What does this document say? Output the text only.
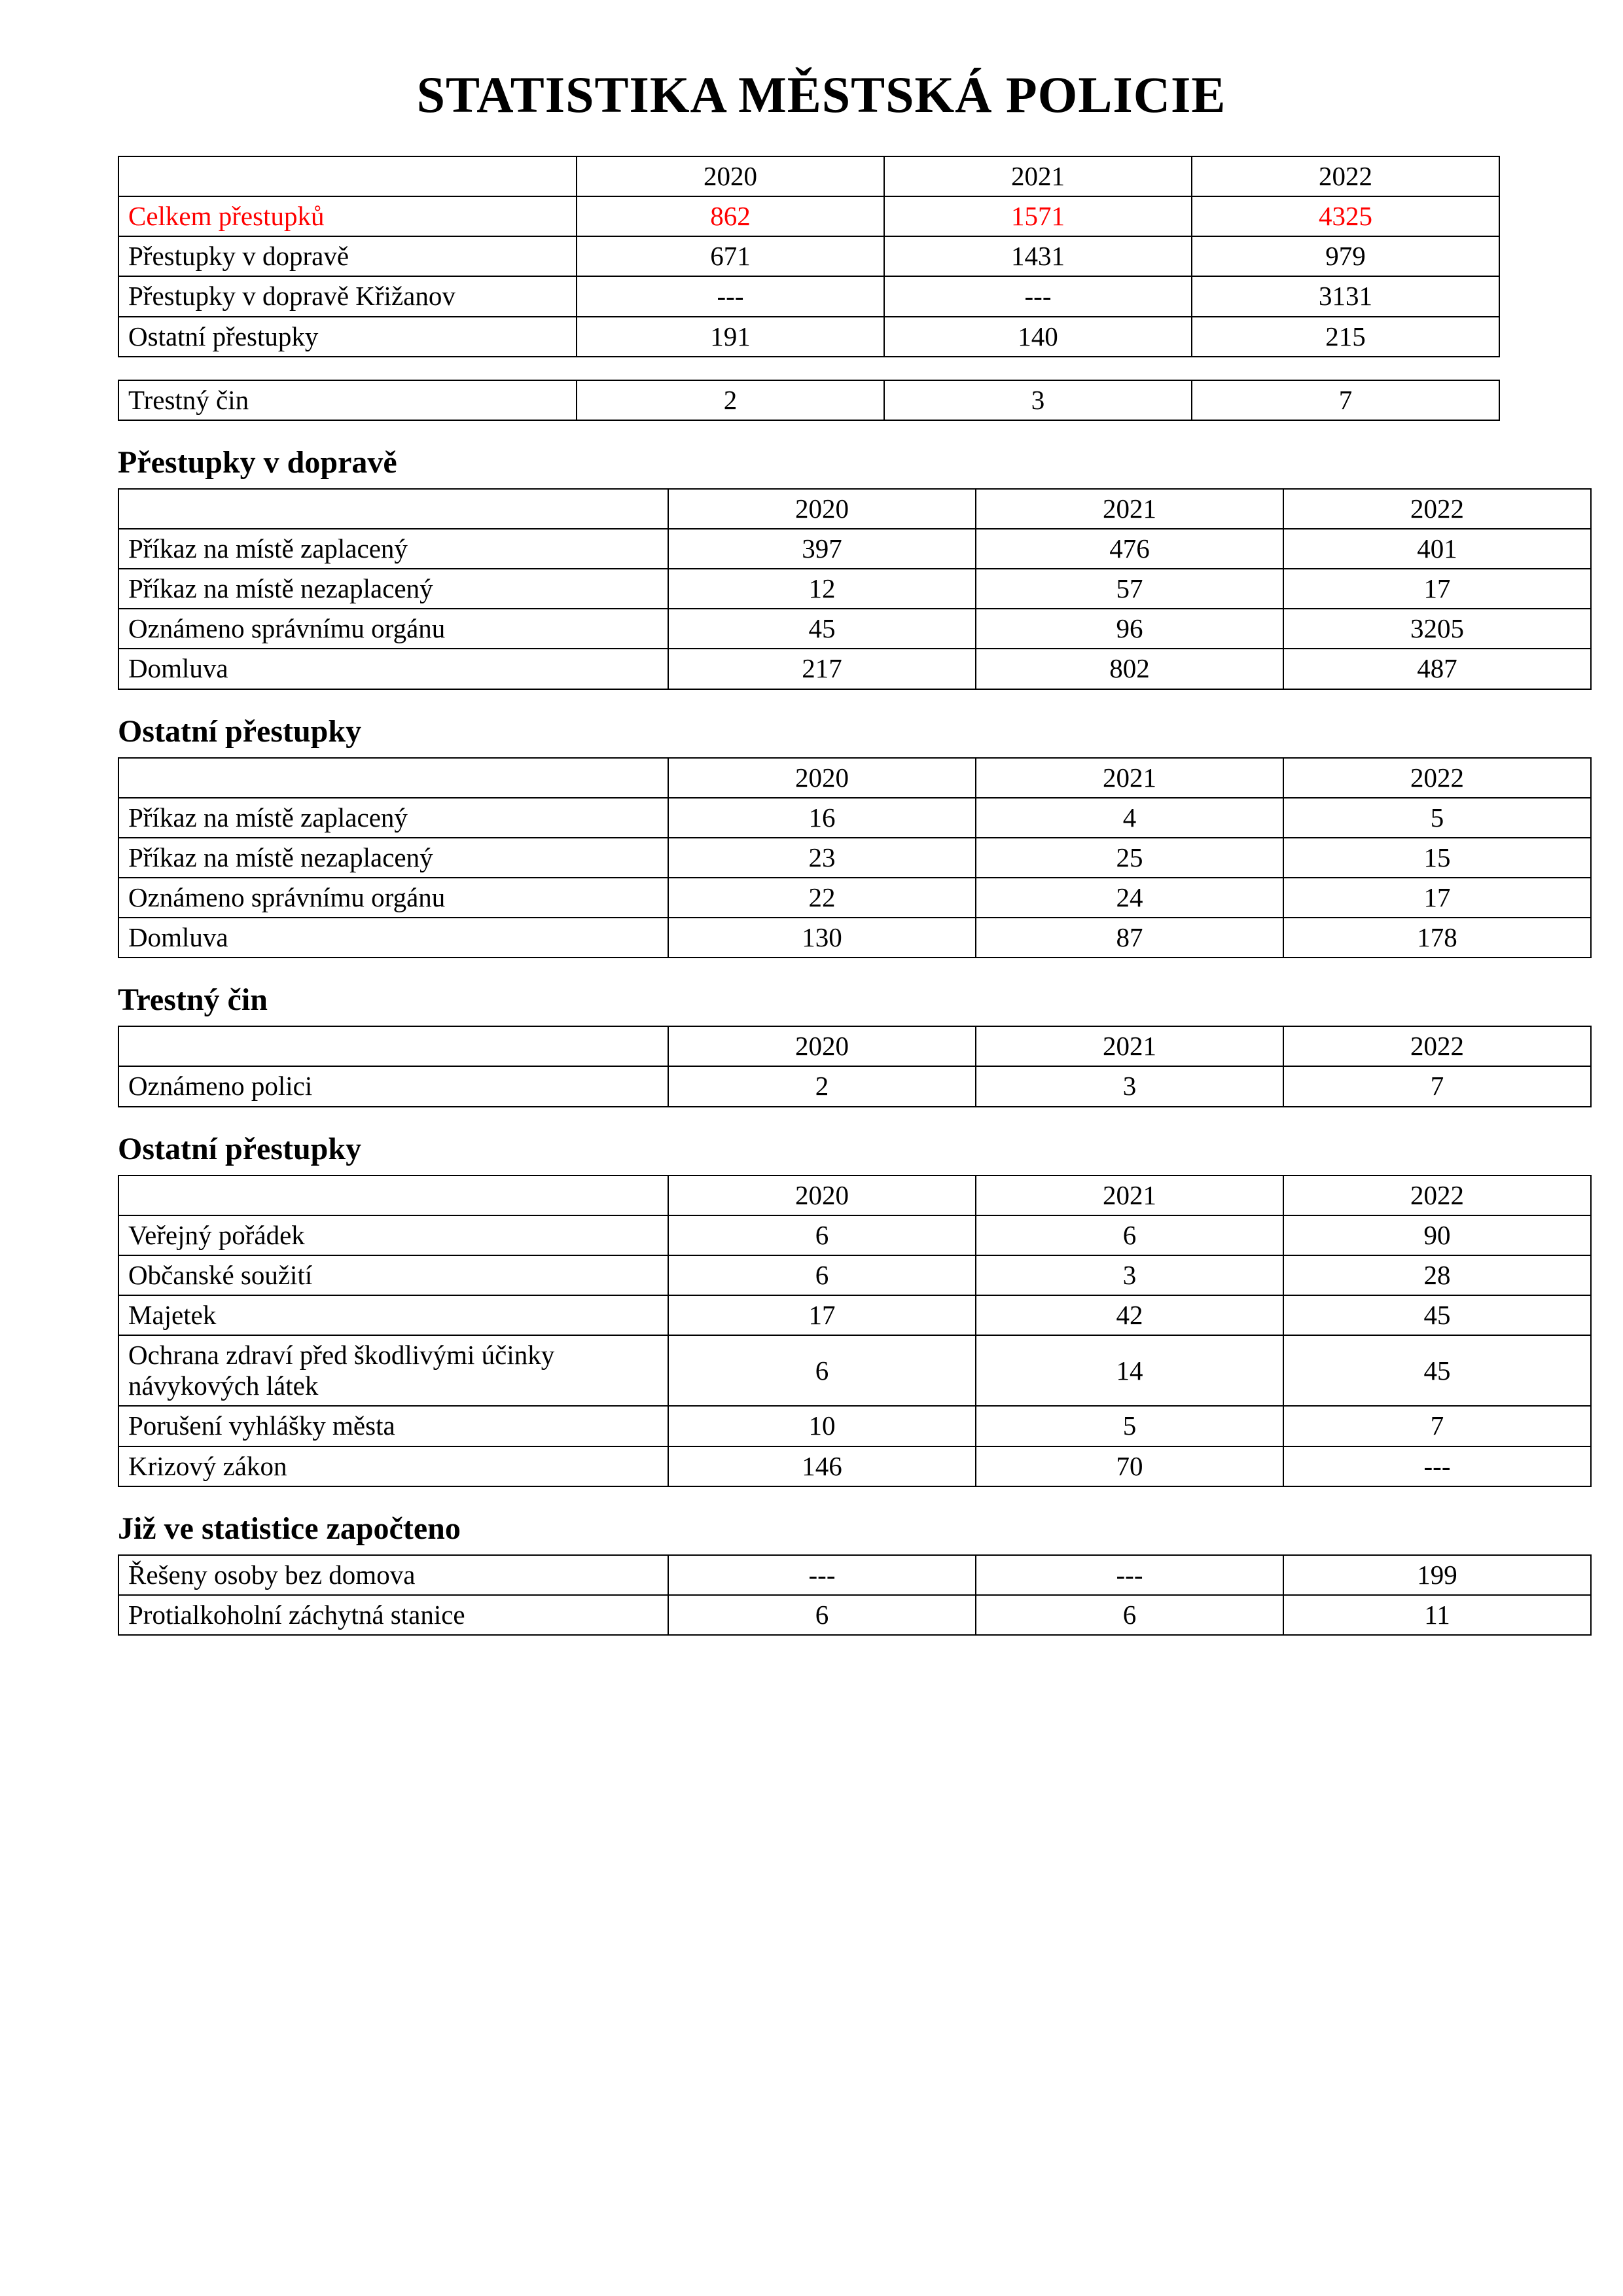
STATISTIKA MĚSTSKÁ POLICIE
	2020	2021	2022
Celkem přestupků	862	1571	4325
Přestupky v dopravě	671	1431	979
Přestupky v dopravě Křižanov	---	---	3131
Ostatní přestupky	191	140	215
Trestný čin	2	3	7
Přestupky v dopravě
	2020	2021	2022
Příkaz na místě zaplacený	397	476	401
Příkaz na místě nezaplacený	12	57	17
Oznámeno správnímu orgánu	45	96	3205
Domluva	217	802	487
Ostatní přestupky
	2020	2021	2022
Příkaz na místě zaplacený	16	4	5
Příkaz na místě nezaplacený	23	25	15
Oznámeno správnímu orgánu	22	24	17
Domluva	130	87	178
Trestný čin
	2020	2021	2022
Oznámeno polici	2	3	7
Ostatní přestupky
	2020	2021	2022
Veřejný pořádek	6	6	90
Občanské soužití	6	3	28
Majetek	17	42	45
Ochrana zdraví před škodlivými účinky návykových látek	6	14	45
Porušení vyhlášky města	10	5	7
Krizový zákon	146	70	---
Již ve statistice započteno
Řešeny osoby bez domova	---	---	199
Protialkoholní záchytná stanice	6	6	11
